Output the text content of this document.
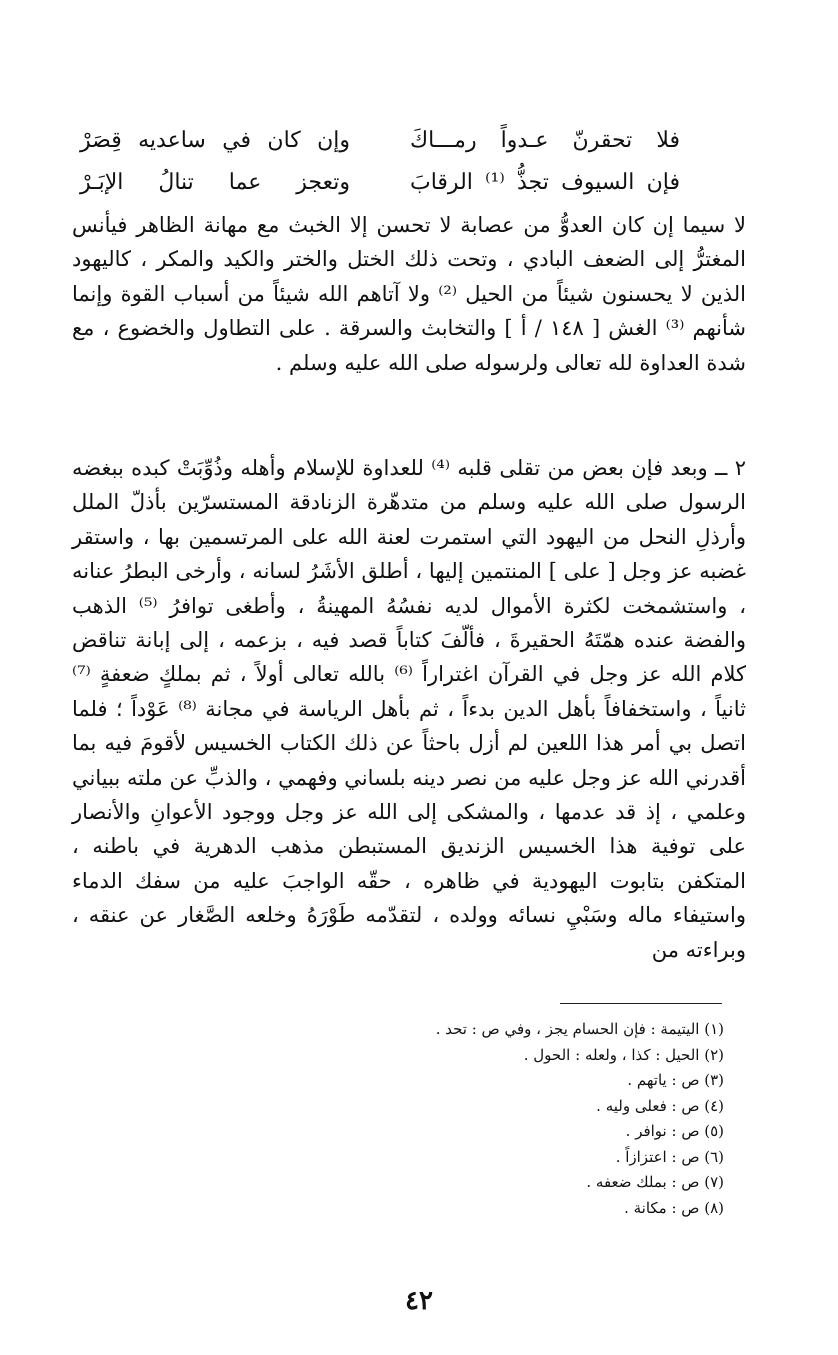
فلا تحقرنّ عـدواً رمـــاكَ
وإن كان في ساعديه قِصَرْ
فإن السيوف تجذُّ ⁽¹⁾ الرقابَ
وتعجز عما تنالُ الإبَـرْ

لا سيما إن كان العدوُّ من عصابة لا تحسن إلا الخبث مع مهانة الظاهر فيأنس المغترُّ إلى الضعف البادي ، وتحت ذلك الختل والختر والكيد والمكر ، كاليهود الذين لا يحسنون شيئاً من الحيل ⁽²⁾ ولا آتاهم الله شيئاً من أسباب القوة وإنما شأنهم ⁽³⁾ الغش [ ١٤٨ / أ ] والتخابث والسرقة . على التطاول والخضوع ، مع شدة العداوة لله تعالى ولرسوله صلى الله عليه وسلم .

٢ ــ وبعد فإن بعض من تقلى قلبه ⁽⁴⁾ للعداوة للإسلام وأهله وذُوِّبَتْ كبده ببغضه الرسول صلى الله عليه وسلم من متدهّرة الزنادقة المستسرّين بأذلّ الملل وأرذلِ النحل من اليهود التي استمرت لعنة الله على المرتسمين بها ، واستقر غضبه عز وجل [ على ] المنتمين إليها ، أطلق الأشَرُ لسانه ، وأرخى البطرُ عنانه ، واستشمخت لكثرة الأموال لديه نفسُهُ المهينةُ ، وأطغى توافرُ ⁽⁵⁾ الذهب والفضة عنده همّتَهُ الحقيرةَ ، فألّفَ كتاباً قصد فيه ، بزعمه ، إلى إبانة تناقض كلام الله عز وجل في القرآن اغتراراً ⁽⁶⁾ بالله تعالى أولاً ، ثم بملكٍ ضعفةٍ ⁽⁷⁾ ثانياً ، واستخفافاً بأهل الدين بدءاً ، ثم بأهل الرياسة في مجانة ⁽⁸⁾ عَوْداً ؛ فلما اتصل بي أمر هذا اللعين لم أزل باحثاً عن ذلك الكتاب الخسيس لأقومَ فيه بما أقدرني الله عز وجل عليه من نصر دينه بلساني وفهمي ، والذبِّ عن ملته ببياني وعلمي ، إذ قد عدمها ، والمشكى إلى الله عز وجل ووجود الأعوانِ والأنصار على توفية هذا الخسيس الزنديق المستبطن مذهب الدهرية في باطنه ، المتكفن بتابوت اليهودية في ظاهره ، حقّه الواجبَ عليه من سفك الدماء واستيفاء ماله وسَبْيِ نسائه وولده ، لتقدّمه طَوْرَهُ وخلعه الصَّغار عن عنقه ، وبراءته من

(١) اليتيمة : فإن الحسام يجز ، وفي ص : تحد .
(٢) الحيل : كذا ، ولعله : الحول .
(٣) ص : ياتهم .
(٤) ص : فعلى وليه .
(٥) ص : نوافر .
(٦) ص : اعتزازاً .
(٧) ص : بملك ضعفه .
(٨) ص : مكانة .
٤٢
